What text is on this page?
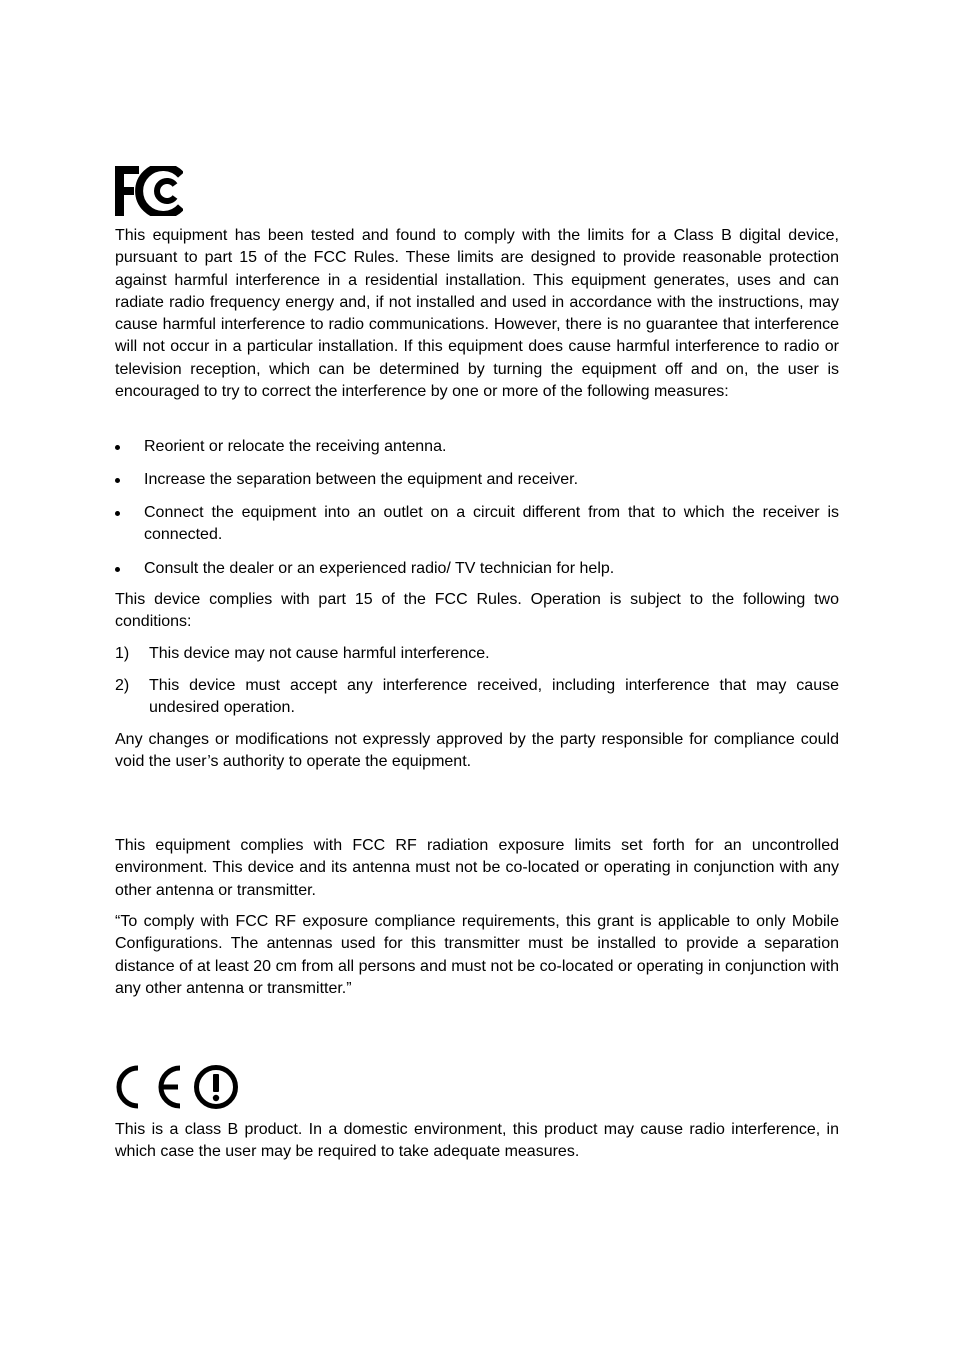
This equipment has been tested and found to comply with the limits for a Class B digital device, pursuant to part 15 of the FCC Rules. These limits are designed to provide reasonable protection against harmful interference in a residential installation. This equipment generates, uses and can radiate radio frequency energy and, if not installed and used in accordance with the instructions, may cause harmful interference to radio communications. However, there is no guarantee that interference will not occur in a particular installation. If this equipment does cause harmful interference to radio or television reception, which can be determined by turning the equipment off and on, the user is encouraged to try to correct the interference by one or more of the following measures:

Reorient or relocate the receiving antenna.
Increase the separation between the equipment and receiver.
Connect the equipment into an outlet on a circuit different from that to which the receiver is connected.
Consult the dealer or an experienced radio/ TV technician for help.

This device complies with part 15 of the FCC Rules. Operation is subject to the following two conditions:

1) This device may not cause harmful interference.
2) This device must accept any interference received, including interference that may cause undesired operation.

Any changes or modifications not expressly approved by the party responsible for compliance could void the user’s authority to operate the equipment.

This equipment complies with FCC RF radiation exposure limits set forth for an uncontrolled environment. This device and its antenna must not be co-located or operating in conjunction with any other antenna or transmitter.

“To comply with FCC RF exposure compliance requirements, this grant is applicable to only Mobile Configurations. The antennas used for this transmitter must be installed to provide a separation distance of at least 20 cm from all persons and must not be co-located or operating in conjunction with any other antenna or transmitter.”

This is a class B product. In a domestic environment, this product may cause radio interference, in which case the user may be required to take adequate measures.
